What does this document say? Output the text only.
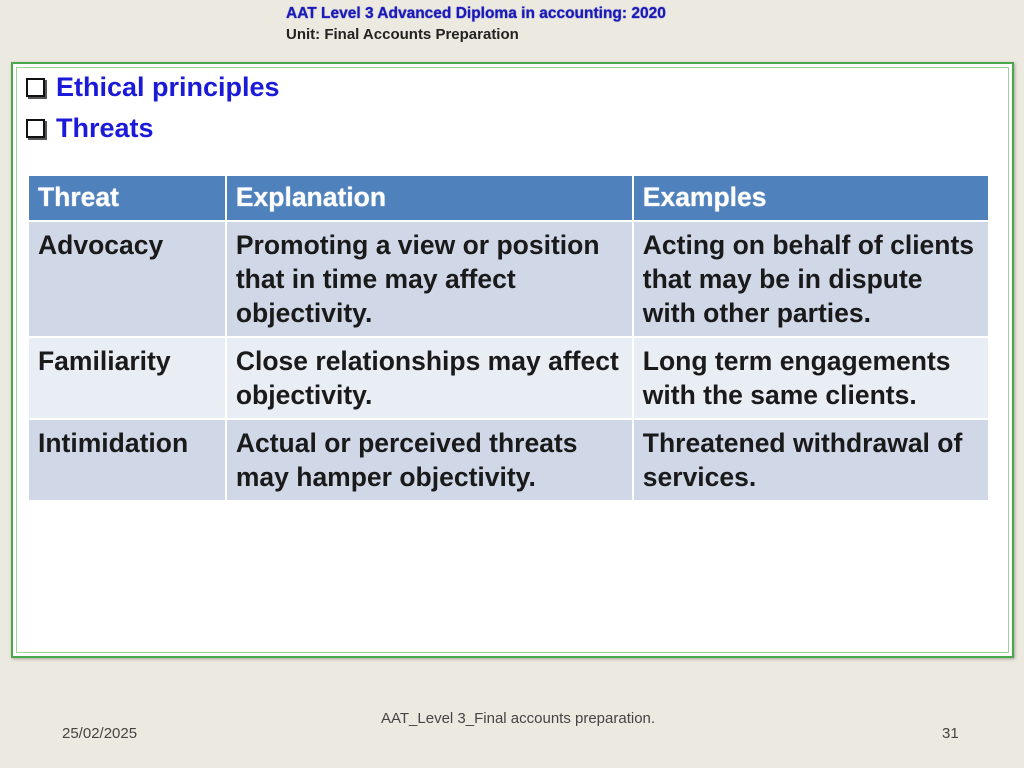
AAT Level 3 Advanced Diploma in accounting: 2020
Unit: Final Accounts Preparation
Ethical principles
Threats
Threat	Explanation	Examples
Advocacy	Promoting a view or position that in time may affect objectivity.	Acting on behalf of clients that may be in dispute with other parties.
Familiarity	Close relationships may affect objectivity.	Long term engagements with the same clients.
Intimidation	Actual or perceived threats may hamper objectivity.	Threatened withdrawal of services.
AAT_Level 3_Final accounts preparation.
25/02/2025	31
